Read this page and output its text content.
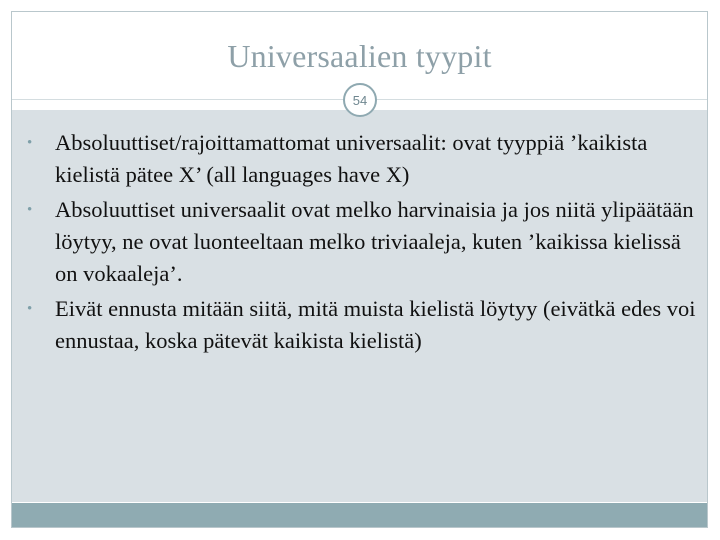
Universaalien tyypit
54
• Absoluuttiset/rajoittamattomat universaalit: ovat tyyppiä ’kaikista kielistä pätee X’ (all languages have X)
• Absoluuttiset universaalit ovat melko harvinaisia ja jos niitä ylipäätään löytyy, ne ovat luonteeltaan melko triviaaleja, kuten ’kaikissa kielissä on vokaaleja’.
• Eivät ennusta mitään siitä, mitä muista kielistä löytyy (eivätkä edes voi ennustaa, koska pätevät kaikista kielistä)
